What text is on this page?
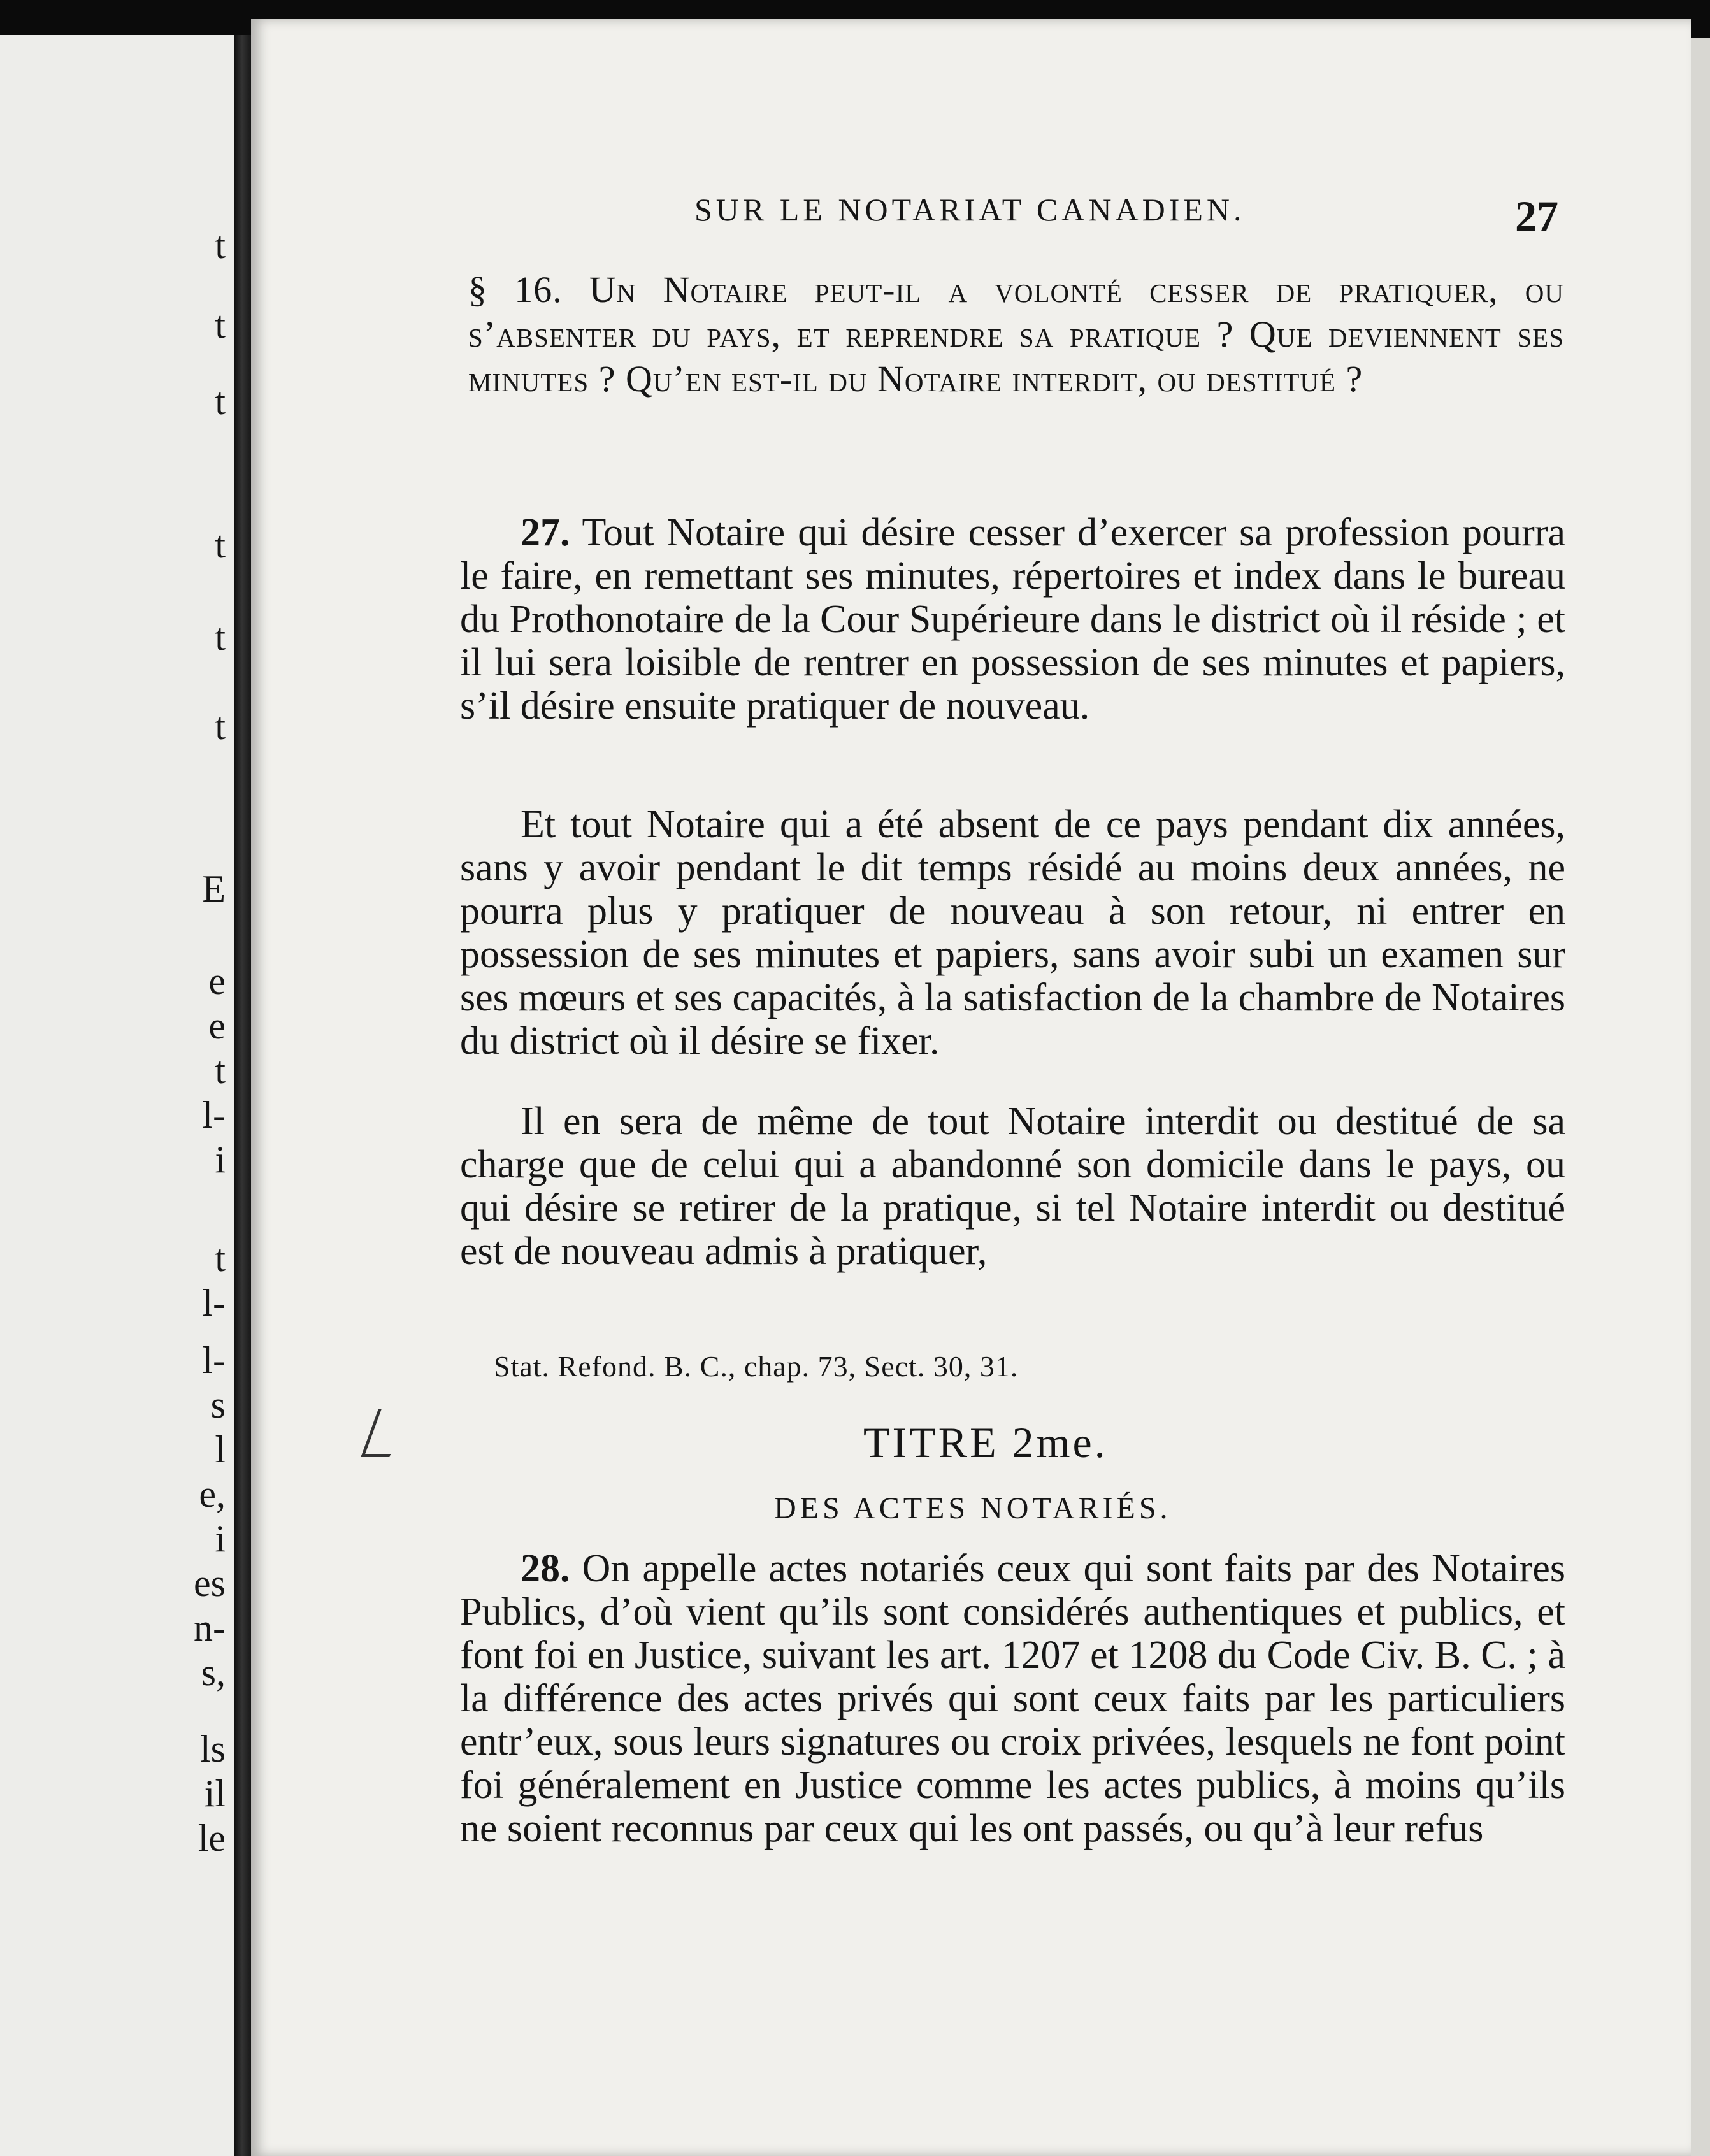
t
t
t
t
t
t
E
e
e
t
l-
i
t
l-
l-
s
l
e,
i
es
n-
s,
ls
il
le
SUR LE NOTARIAT CANADIEN.	27
§ 16. Un Notaire peut-il a volonté cesser de pratiquer, ou s’absenter du pays, et reprendre sa pratique ? Que deviennent ses minutes ? Qu’en est-il du Notaire interdit, ou destitué ?

27. Tout Notaire qui désire cesser d’exercer sa profession pourra le faire, en remettant ses minutes, répertoires et index dans le bureau du Prothonotaire de la Cour Supérieure dans le district où il réside ; et il lui sera loisible de rentrer en possession de ses minutes et papiers, s’il désire ensuite pratiquer de nouveau.

Et tout Notaire qui a été absent de ce pays pendant dix années, sans y avoir pendant le dit temps résidé au moins deux années, ne pourra plus y pratiquer de nouveau à son retour, ni entrer en possession de ses minutes et papiers, sans avoir subi un examen sur ses mœurs et ses capacités, à la satisfaction de la chambre de Notaires du district où il désire se fixer.

Il en sera de même de tout Notaire interdit ou destitué de sa charge que de celui qui a abandonné son domicile dans le pays, ou qui désire se retirer de la pratique, si tel Notaire interdit ou destitué est de nouveau admis à pratiquer,

Stat. Refond. B. C., chap. 73, Sect. 30, 31.
TITRE 2me.
DES ACTES NOTARIÉS.

28. On appelle actes notariés ceux qui sont faits par des Notaires Publics, d’où vient qu’ils sont considérés authentiques et publics, et font foi en Justice, suivant les art. 1207 et 1208 du Code Civ. B. C. ; à la différence des actes privés qui sont ceux faits par les particuliers entr’eux, sous leurs signatures ou croix privées, lesquels ne font point foi généralement en Justice comme les actes publics, à moins qu’ils ne soient reconnus par ceux qui les ont passés, ou qu’à leur refus
